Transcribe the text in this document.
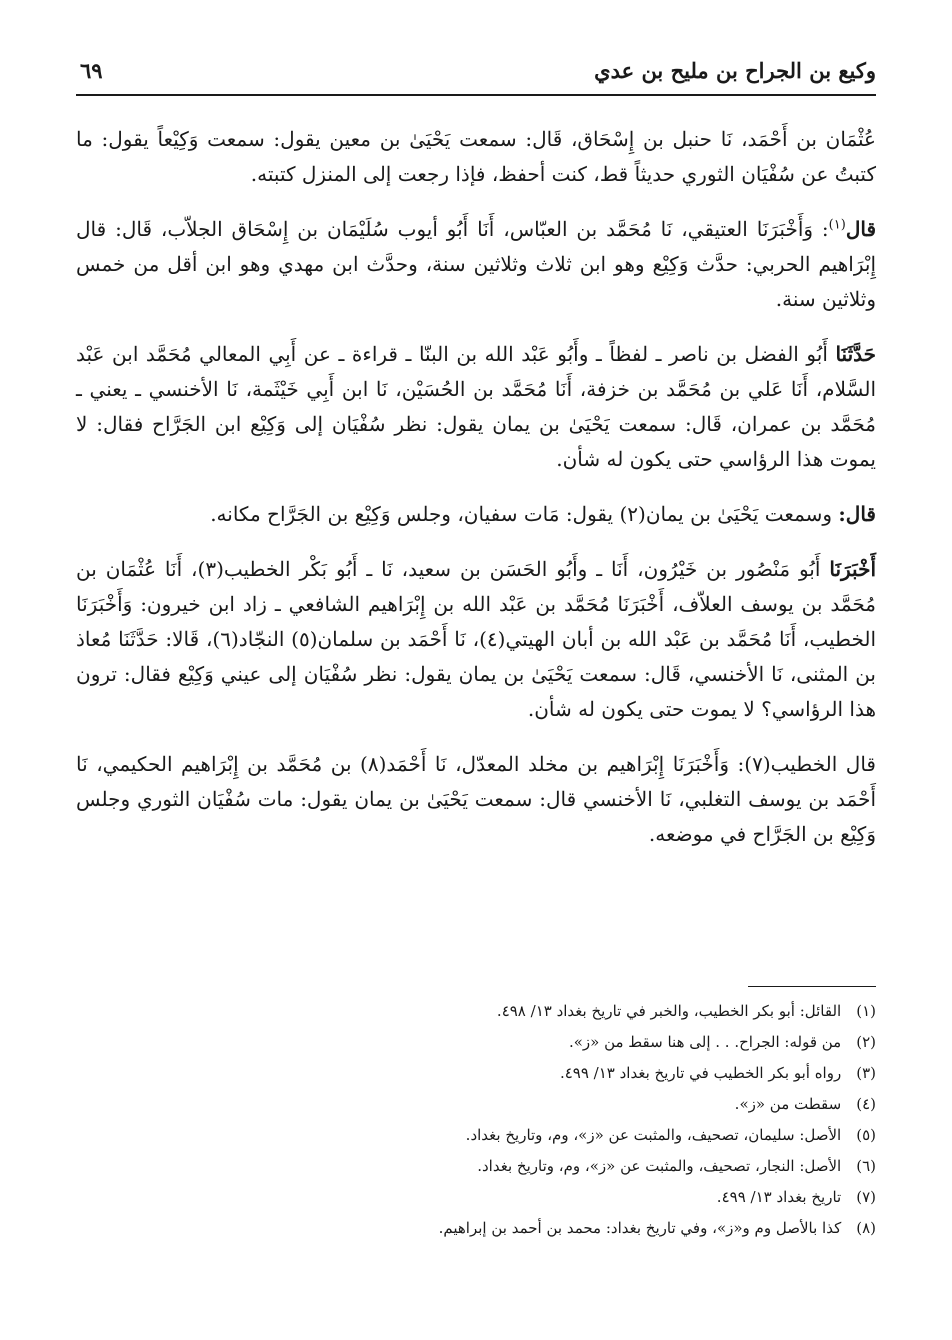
وكيع بن الجراح بن مليح بن عدي
٦٩

عُثْمَان بن أَحْمَد، نَا حنبل بن إِسْحَاق، قَال: سمعت يَحْيَىٰ بن معين يقول: سمعت وَكِيْعاً يقول: ما كتبتُ عن سُفْيَان الثوري حديثاً قط، كنت أحفظ، فإذا رجعت إلى المنزل كتبته.

قال$^{(١)}$: وَأَخْبَرَنَا العتيقي، نَا مُحَمَّد بن العبّاس، أَنَا أَبُو أيوب سُلَيْمَان بن إِسْحَاق الجلاّب، قَال: قال إِبْرَاهيم الحربي: حدَّث وَكِيْع وهو ابن ثلاث وثلاثين سنة، وحدَّث ابن مهدي وهو ابن أقل من خمس وثلاثين سنة.

حَدَّثَنَا أَبُو الفضل بن ناصر ـ لفظاً ـ وأَبُو عَبْد الله بن البنّا ـ قراءة ـ عن أَبِي المعالي مُحَمَّد ابن عَبْد السَّلام، أَنَا عَلي بن مُحَمَّد بن خزفة، أَنَا مُحَمَّد بن الحُسَيْن، نَا ابن أَبِي خَيْثَمة، نَا الأخنسي ـ يعني ـ مُحَمَّد بن عمران، قَال: سمعت يَحْيَىٰ بن يمان يقول: نظر سُفْيَان إلى وَكِيْع ابن الجَرَّاح فقال: لا يموت هذا الرؤاسي حتى يكون له شأن.

قال: وسمعت يَحْيَىٰ بن يمان(٢) يقول: مَات سفيان، وجلس وَكِيْع بن الجَرَّاح مكانه.

أَخْبَرَنَا أَبُو مَنْصُور بن خَيْرُون، أَنَا ـ وأَبُو الحَسَن بن سعيد، نَا ـ أَبُو بَكْر الخطيب(٣)، أَنَا عُثْمَان بن مُحَمَّد بن يوسف العلاّف، أَخْبَرَنَا مُحَمَّد بن عَبْد الله بن إِبْرَاهيم الشافعي ـ زاد ابن خيرون: وَأَخْبَرَنَا الخطيب، أَنَا مُحَمَّد بن عَبْد الله بن أبان الهيتي(٤)، نَا أَحْمَد بن سلمان(٥) النجّاد(٦)، قَالا: حَدَّثَنَا مُعاذ بن المثنى، نَا الأخنسي، قَال: سمعت يَحْيَىٰ بن يمان يقول: نظر سُفْيَان إلى عيني وَكِيْع فقال: ترون هذا الرؤاسي؟ لا يموت حتى يكون له شأن.

قال الخطيب(٧): وَأَخْبَرَنَا إِبْرَاهيم بن مخلد المعدّل، نَا أَحْمَد(٨) بن مُحَمَّد بن إِبْرَاهيم الحكيمي، نَا أَحْمَد بن يوسف التغلبي، نَا الأخنسي قال: سمعت يَحْيَىٰ بن يمان يقول: مات سُفْيَان الثوري وجلس وَكِيْع بن الجَرَّاح في موضعه.

(١) القائل: أبو بكر الخطيب، والخبر في تاريخ بغداد ١٣/ ٤٩٨.
(٢) من قوله: الجراح. . . إلى هنا سقط من «ز».
(٣) رواه أبو بكر الخطيب في تاريخ بغداد ١٣/ ٤٩٩.
(٤) سقطت من «ز».
(٥) الأصل: سليمان، تصحيف، والمثبت عن «ز»، وم، وتاريخ بغداد.
(٦) الأصل: النجار، تصحيف، والمثبت عن «ز»، وم، وتاريخ بغداد.
(٧) تاريخ بغداد ١٣/ ٤٩٩.
(٨) كذا بالأصل وم و«ز»، وفي تاريخ بغداد: محمد بن أحمد بن إبراهيم.
